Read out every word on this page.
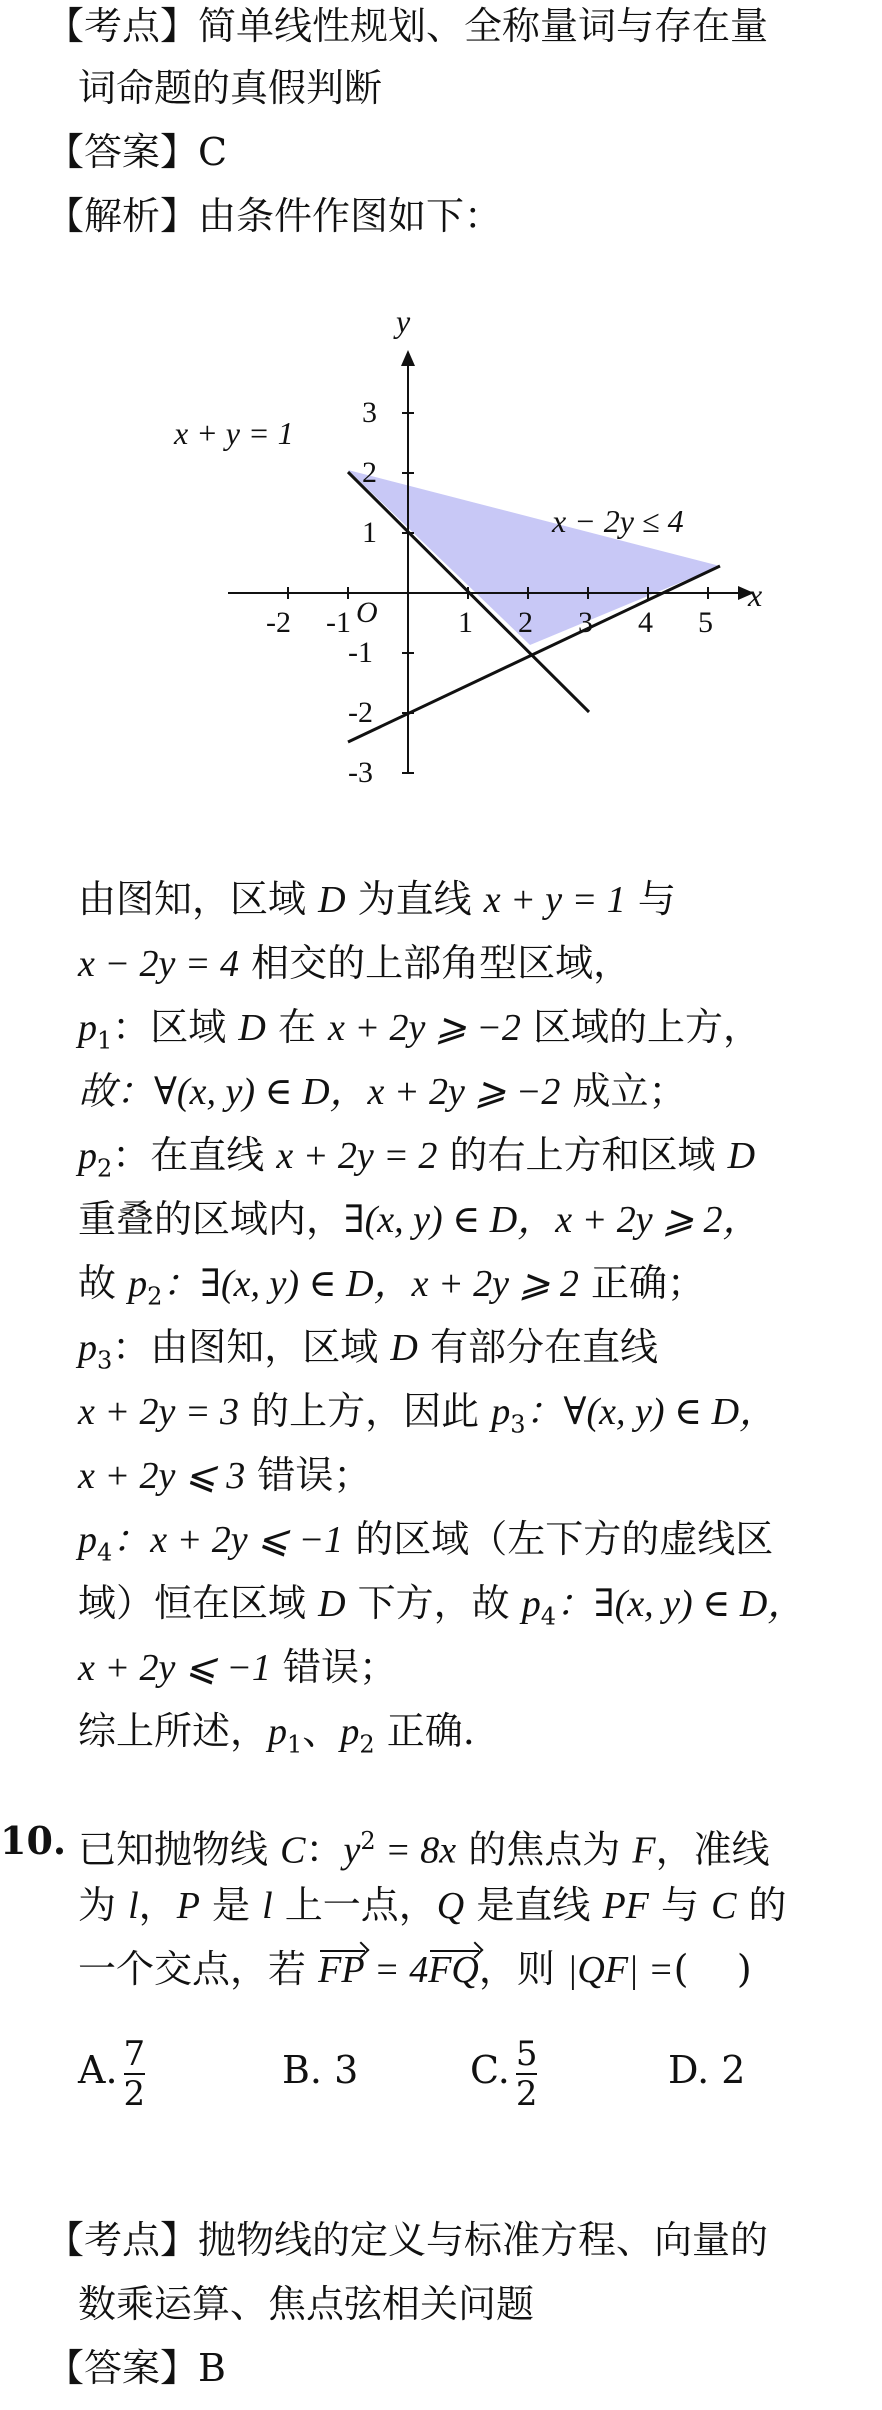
【考点】简单线性规划、全称量词与存在量
词命题的真假判断
【答案】C
【解析】由条件作图如下：
y
x
O
x + y = 1
x − 2y ≤ 4
-2 -1	1 2 3 4 5
3
2
1
-1
-2
-3
由图知，区域 D 为直线 x + y = 1 与
x − 2y = 4 相交的上部角型区域，
$p_1$：区域 D 在 x + 2y ⩾ −2 区域的上方，
故：∀(x, y) ∈ D，x + 2y ⩾ −2 成立；
$p_2$：在直线 x + 2y = 2 的右上方和区域 D
重叠的区域内，∃(x, y) ∈ D，x + 2y ⩾ 2，
故 $p_2$：∃(x, y) ∈ D，x + 2y ⩾ 2 正确；
$p_3$：由图知，区域 D 有部分在直线
x + 2y = 3 的上方，因此 $p_3$：∀(x, y) ∈ D，
x + 2y ⩽ 3 错误；
$p_4$：x + 2y ⩽ −1 的区域（左下方的虚线区
域）恒在区域 D 下方，故 $p_4$：∃(x, y) ∈ D，
x + 2y ⩽ −1 错误；
综上所述，$p_1$、$p_2$ 正确.
10. 已知抛物线 C：$y^2 = 8x$ 的焦点为 F，准线
为 l，P 是 l 上一点，Q 是直线 PF 与 C 的
一个交点，若 FP = 4FQ，则 |QF| =( )
A. $\frac{7}{2}$	B. 3	C. $\frac{5}{2}$	D. 2
【考点】抛物线的定义与标准方程、向量的
数乘运算、焦点弦相关问题
【答案】B
